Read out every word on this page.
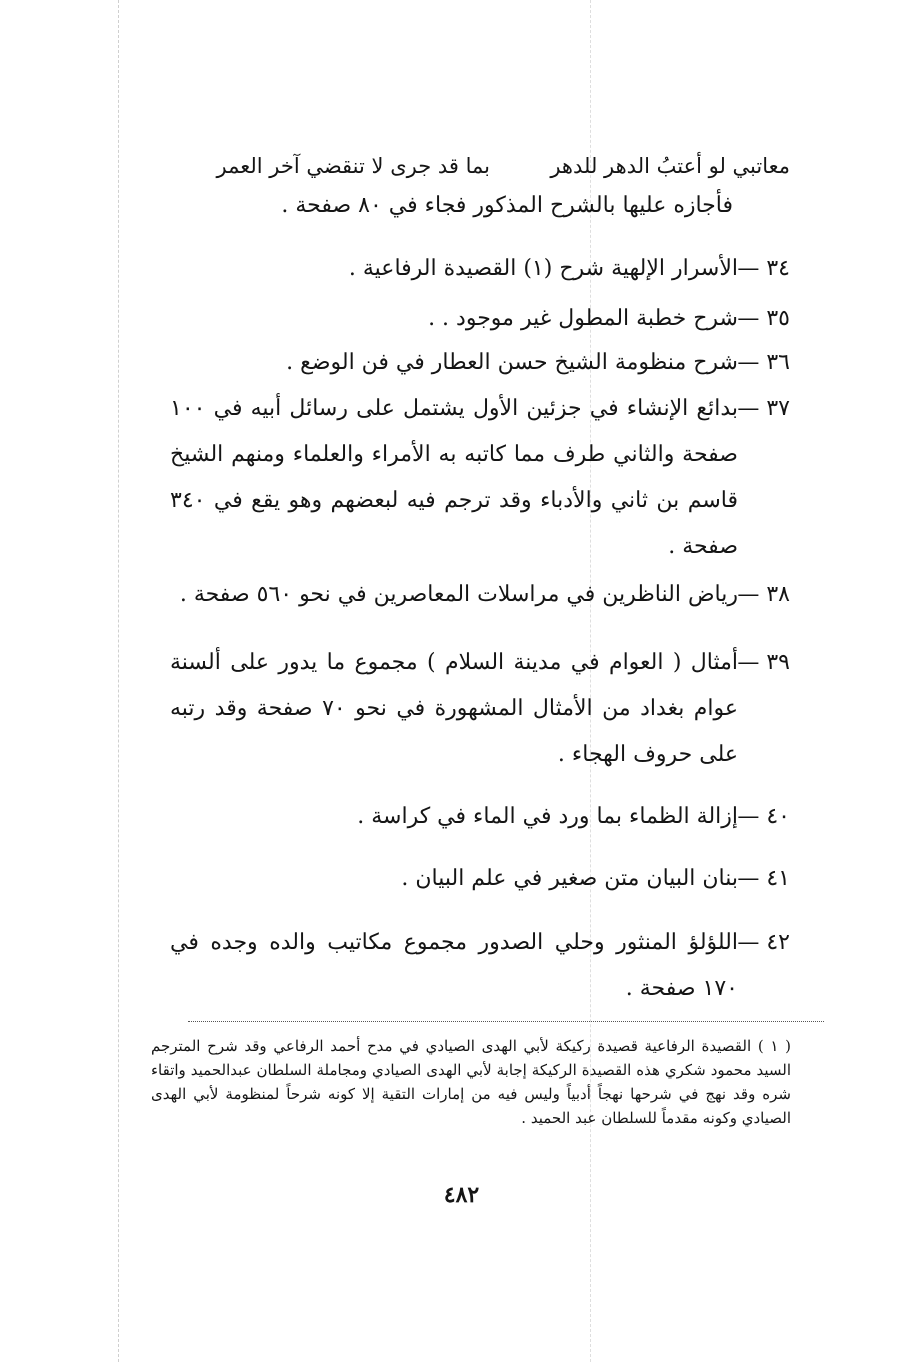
معاتبي لو أعتبُ الدهر للدهر
بما قد جرى لا تنقضي آخر العمر
فأجازه عليها بالشرح المذكور فجاء في ٨٠ صفحة .
٣٤ —
الأسرار الإلهية شرح (١) القصيدة الرفاعية .
٣٥ —
شرح خطبة المطول غير موجود . .
٣٦ —
شرح منظومة الشيخ حسن العطار في فن الوضع .
٣٧ —
بدائع الإنشاء في جزئين الأول يشتمل على رسائل أبيه في ١٠٠ صفحة والثاني طرف مما كاتبه به الأمراء والعلماء ومنهم الشيخ قاسم بن ثاني والأدباء وقد ترجم فيه لبعضهم وهو يقع في ٣٤٠ صفحة .
٣٨ —
رياض الناظرين في مراسلات المعاصرين في نحو ٥٦٠ صفحة .
٣٩ —
أمثال ( العوام في مدينة السلام ) مجموع ما يدور على ألسنة عوام بغداد من الأمثال المشهورة في نحو ٧٠ صفحة وقد رتبه على حروف الهجاء .
٤٠ —
إزالة الظماء بما ورد في الماء في كراسة .
٤١ —
بنان البيان متن صغير في علم البيان .
٤٢ —
اللؤلؤ المنثور وحلي الصدور مجموع مكاتيب والده وجده في ١٧٠ صفحة .
( ١ ) القصيدة الرفاعية قصيدة ركيكة لأبي الهدى الصيادي في مدح أحمد الرفاعي وقد شرح المترجم السيد محمود شكري هذه القصيدة الركيكة إجابة لأبي الهدى الصيادي ومجاملة السلطان عبدالحميد واتقاء شره وقد نهج في شرحها نهجاً أدبياً وليس فيه من إمارات التقية إلا كونه شرحاً لمنظومة لأبي الهدى الصيادي وكونه مقدماً للسلطان عبد الحميد .
٤٨٢
